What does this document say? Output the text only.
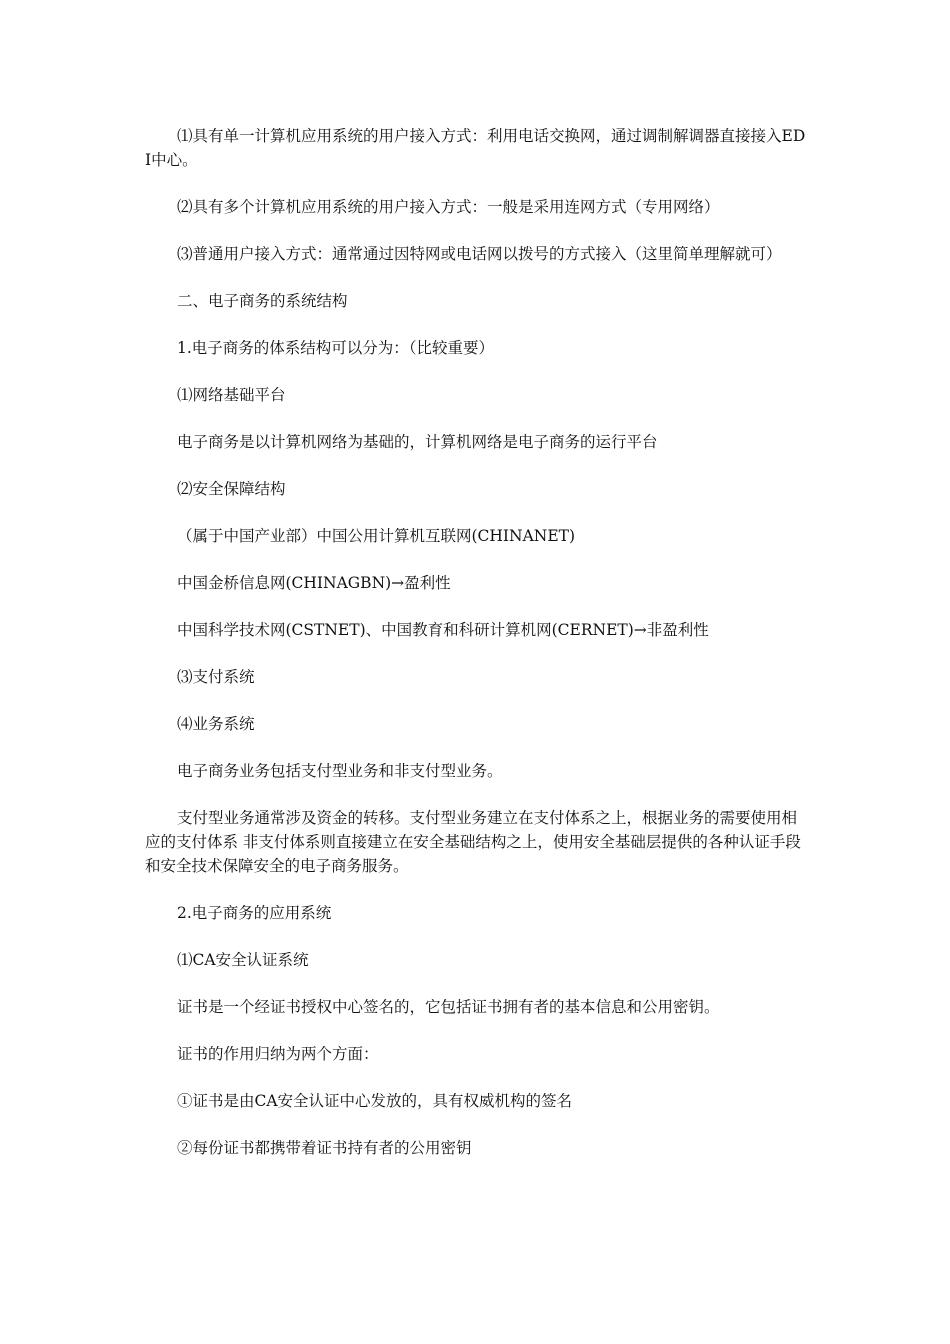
⑴具有单一计算机应用系统的用户接入方式：利用电话交换网，通过调制解调器直接接入EDI中心。

⑵具有多个计算机应用系统的用户接入方式：一般是采用连网方式（专用网络）

⑶普通用户接入方式：通常通过因特网或电话网以拨号的方式接入（这里简单理解就可）

二、电子商务的系统结构

1.电子商务的体系结构可以分为：（比较重要）

⑴网络基础平台

电子商务是以计算机网络为基础的，计算机网络是电子商务的运行平台

⑵安全保障结构

（属于中国产业部）中国公用计算机互联网(CHINANET)

中国金桥信息网(CHINAGBN)→盈利性

中国科学技术网(CSTNET)、中国教育和科研计算机网(CERNET)→非盈利性

⑶支付系统

⑷业务系统

电子商务业务包括支付型业务和非支付型业务。

支付型业务通常涉及资金的转移。支付型业务建立在支付体系之上，根据业务的需要使用相应的支付体系 非支付体系则直接建立在安全基础结构之上，使用安全基础层提供的各种认证手段和安全技术保障安全的电子商务服务。

2.电子商务的应用系统

⑴CA安全认证系统

证书是一个经证书授权中心签名的，它包括证书拥有者的基本信息和公用密钥。

证书的作用归纳为两个方面：

①证书是由CA安全认证中心发放的，具有权威机构的签名

②每份证书都携带着证书持有者的公用密钥
